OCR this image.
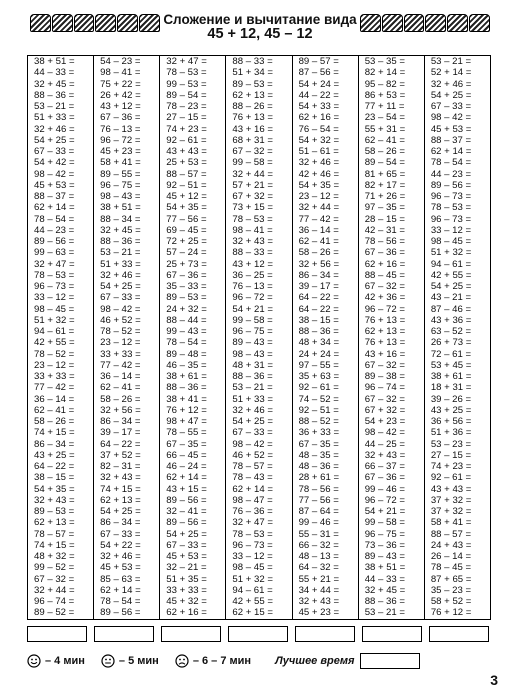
Сложение и вычитание вида
45 + 12, 45 – 12
38 + 51 =
44 – 33 =
32 + 45 =
88 – 36 =
53 – 21 =
51 + 33 =
32 + 46 =
54 + 25 =
67 – 33 =
54 + 42 =
98 – 42 =
45 + 53 =
88 – 37 =
62 + 14 =
78 – 54 =
44 – 23 =
89 – 56 =
99 – 63 =
32 + 47 =
78 – 53 =
96 – 73 =
33 – 12 =
98 – 45 =
51 + 32 =
94 – 61 =
42 + 55 =
78 – 52 =
23 – 12 =
33 + 33 =
77 – 42 =
36 – 14 =
62 – 41 =
58 – 26 =
74 + 15 =
86 – 34 =
43 + 25 =
64 – 22 =
38 – 15 =
54 + 35 =
32 + 43 =
89 – 53 =
62 + 13 =
78 – 57 =
74 + 15 =
48 + 32 =
99 – 52 =
67 – 32 =
32 + 44 =
96 – 74 =
89 – 52 =
54 – 23 =
98 – 41 =
75 + 22 =
26 + 42 =
43 + 12 =
67 – 36 =
76 – 13 =
96 – 72 =
45 + 23 =
58 + 41 =
89 – 55 =
96 – 75 =
98 – 43 =
38 + 51 =
88 – 34 =
32 + 45 =
88 – 36 =
53 – 21 =
51 + 33 =
32 + 46 =
54 + 25 =
67 – 33 =
98 – 42 =
46 + 52 =
78 – 52 =
23 – 12 =
33 + 33 =
77 – 42 =
36 – 14 =
62 – 41 =
58 – 26 =
32 + 56 =
86 – 34 =
39 – 17 =
64 – 22 =
37 + 52 =
82 – 31 =
32 + 43 =
74 + 15 =
62 + 13 =
54 + 25 =
86 – 34 =
67 – 33 =
54 + 22 =
32 + 46 =
45 + 53 =
85 – 63 =
62 + 14 =
78 – 54 =
89 – 56 =
32 + 47 =
78 – 53 =
99 – 53 =
89 – 54 =
78 – 23 =
27 – 15 =
74 + 23 =
92 – 61 =
43 + 43 =
25 + 53 =
88 – 57 =
92 – 51 =
45 + 12 =
54 + 35 =
77 – 56 =
69 – 45 =
72 + 25 =
57 – 24 =
25 + 73 =
67 – 36 =
35 – 33 =
89 – 53 =
24 + 32 =
88 – 44 =
99 – 43 =
78 – 54 =
89 – 48 =
46 – 35 =
38 + 61 =
88 – 36 =
38 + 41 =
76 + 12 =
98 + 47 =
78 – 55 =
67 – 35 =
66 – 45 =
46 – 24 =
62 + 14 =
43 + 15 =
89 – 56 =
32 – 41 =
89 – 56 =
54 + 25 =
67 – 33 =
45 + 53 =
32 – 21 =
51 + 35 =
33 + 33 =
45 + 32 =
62 + 16 =
88 – 33 =
51 + 34 =
89 – 53 =
62 + 13 =
88 – 26 =
76 + 13 =
43 + 16 =
68 + 31 =
67 – 32 =
99 – 58 =
32 + 44 =
57 + 21 =
67 + 32 =
73 + 15 =
78 – 53 =
98 – 41 =
32 + 43 =
88 – 33 =
43 + 12 =
36 – 25 =
76 – 13 =
96 – 72 =
54 + 21 =
99 – 58 =
96 – 75 =
89 – 43 =
98 – 43 =
48 + 31 =
88 – 36 =
53 – 21 =
51 + 33 =
32 + 46 =
54 + 25 =
67 – 33 =
98 – 42 =
46 + 52 =
78 – 57 =
78 – 43 =
62 + 14 =
98 – 47 =
76 – 36 =
32 + 47 =
78 – 53 =
96 – 73 =
33 – 12 =
98 – 45 =
51 + 32 =
94 – 61 =
42 + 55 =
62 + 15 =
89 – 57 =
87 – 56 =
54 + 24 =
44 – 22 =
54 + 33 =
62 + 16 =
76 – 54 =
54 + 32 =
51 – 61 =
32 + 46 =
42 + 46 =
54 + 35 =
23 – 12 =
32 + 44 =
77 – 42 =
36 – 14 =
62 – 41 =
58 – 26 =
32 + 56 =
86 – 34 =
39 – 17 =
64 – 22 =
64 – 22 =
38 – 15 =
88 – 36 =
48 + 34 =
24 + 24 =
97 – 55 =
35 + 63 =
92 – 61 =
74 – 52 =
92 – 51 =
88 – 52 =
36 + 33 =
67 – 35 =
48 – 35 =
48 – 36 =
28 + 61 =
78 – 56 =
77 – 56 =
87 – 64 =
99 – 46 =
55 – 31 =
66 – 32 =
48 – 13 =
64 – 32 =
55 + 21 =
34 + 44 =
32 + 43 =
45 + 23 =
53 – 35 =
82 + 14 =
95 – 82 =
86 + 53 =
77 + 11 =
23 – 54 =
55 + 31 =
62 – 41 =
58 – 26 =
89 – 54 =
81 + 65 =
82 + 17 =
71 + 26 =
97 – 35 =
28 – 15 =
42 – 31 =
78 – 56 =
67 – 36 =
62 + 16 =
88 – 45 =
67 – 32 =
42 + 36 =
96 – 72 =
76 + 13 =
62 + 13 =
76 + 13 =
43 + 16 =
67 – 32 =
89 – 38 =
96 – 74 =
67 – 32 =
67 + 32 =
54 + 23 =
98 – 42 =
44 – 25 =
32 + 43 =
66 – 37 =
67 – 36 =
99 – 46 =
96 – 72 =
54 + 21 =
99 – 58 =
96 – 75 =
73 – 36 =
89 – 43 =
38 + 51 =
44 – 33 =
32 + 45 =
88 – 36 =
53 – 21 =
53 – 21 =
52 + 14 =
32 + 46 =
54 + 25 =
67 – 33 =
98 – 42 =
45 + 53 =
88 – 37 =
62 + 14 =
78 – 54 =
44 – 23 =
89 – 56 =
96 – 73 =
78 – 53 =
96 – 73 =
33 – 12 =
98 – 45 =
51 + 32 =
94 – 61 =
42 + 55 =
54 + 25 =
43 – 21 =
87 – 46 =
43 + 36 =
63 – 52 =
26 + 73 =
72 – 61 =
53 + 45 =
38 + 61 =
18 + 31 =
39 – 26 =
43 + 25 =
36 + 56 =
51 + 36 =
53 – 23 =
27 – 15 =
74 + 23 =
92 – 61 =
43 + 43 =
37 + 32 =
37 + 32 =
58 + 41 =
88 – 57 =
24 + 43 =
26 – 14 =
78 – 45 =
87 + 65 =
35 – 23 =
58 + 52 =
76 + 12 =
– 4 мин	– 5 мин	– 6 – 7 мин Лучшее время
3
